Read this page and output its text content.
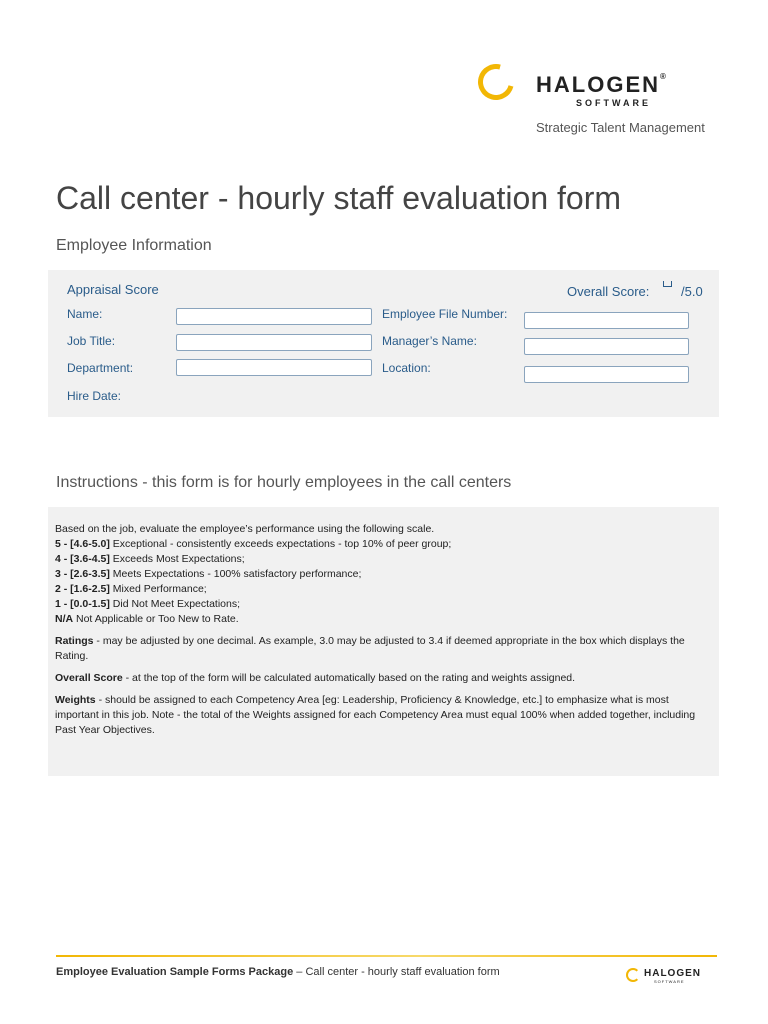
HALOGEN®
SOFTWARE
Strategic Talent Management
Call center - hourly staff evaluation form
Employee Information
Appraisal Score	Overall Score: /5.0
Name:
Job Title:
Department:
Hire Date:
Employee File Number:
Manager’s Name:
Location:
Instructions - this form is for hourly employees in the call centers

Based on the job, evaluate the employee’s performance using the following scale.
5 - [4.6-5.0] Exceptional - consistently exceeds expectations - top 10% of peer group;
4 - [3.6-4.5] Exceeds Most Expectations;
3 - [2.6-3.5] Meets Expectations - 100% satisfactory performance;
2 - [1.6-2.5] Mixed Performance;
1 - [0.0-1.5] Did Not Meet Expectations;
N/A Not Applicable or Too New to Rate.

Ratings - may be adjusted by one decimal. As example, 3.0 may be adjusted to 3.4 if deemed appropriate in the box which displays the Rating.

Overall Score - at the top of the form will be calculated automatically based on the rating and weights assigned.

Weights - should be assigned to each Competency Area [eg: Leadership, Proficiency & Knowledge, etc.] to emphasize what is most important in this job. Note - the total of the Weights assigned for each Competency Area must equal 100% when added together, including Past Year Objectives.

Employee Evaluation Sample Forms Package – Call center - hourly staff evaluation form	HALOGEN
SOFTWARE
